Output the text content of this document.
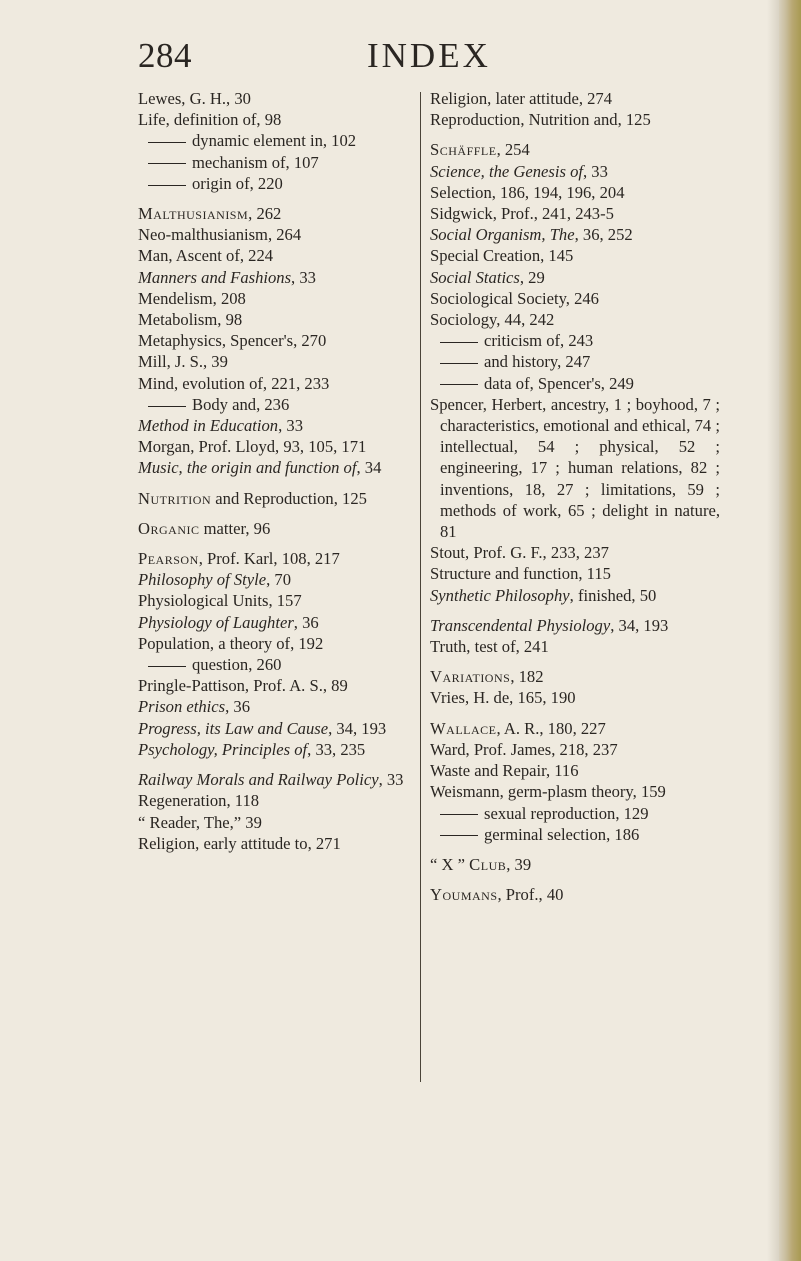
284	INDEX
Lewes, G. H., 30
Life, definition of, 98
dynamic element in, 102
mechanism of, 107
origin of, 220
Malthusianism, 262
Neo-malthusianism, 264
Man, Ascent of, 224
Manners and Fashions, 33
Mendelism, 208
Metabolism, 98
Metaphysics, Spencer's, 270
Mill, J. S., 39
Mind, evolution of, 221, 233
Body and, 236
Method in Education, 33
Morgan, Prof. Lloyd, 93, 105, 171
Music, the origin and function of, 34
Nutrition and Reproduction, 125
Organic matter, 96
Pearson, Prof. Karl, 108, 217
Philosophy of Style, 70
Physiological Units, 157
Physiology of Laughter, 36
Population, a theory of, 192
question, 260
Pringle-Pattison, Prof. A. S., 89
Prison ethics, 36
Progress, its Law and Cause, 34, 193
Psychology, Principles of, 33, 235
Railway Morals and Railway Policy, 33
Regeneration, 118
“ Reader, The,” 39
Religion, early attitude to, 271
Religion, later attitude, 274
Reproduction, Nutrition and, 125
Schäffle, 254
Science, the Genesis of, 33
Selection, 186, 194, 196, 204
Sidgwick, Prof., 241, 243-5
Social Organism, The, 36, 252
Special Creation, 145
Social Statics, 29
Sociological Society, 246
Sociology, 44, 242
criticism of, 243
and history, 247
data of, Spencer's, 249
Spencer, Herbert, ancestry, 1 ; boyhood, 7 ; characteristics, emotional and ethical, 74 ; intellectual, 54 ; physical, 52 ; engineering, 17 ; human relations, 82 ; inventions, 18, 27 ; limitations, 59 ; methods of work, 65 ; delight in nature, 81
Stout, Prof. G. F., 233, 237
Structure and function, 115
Synthetic Philosophy, finished, 50
Transcendental Physiology, 34, 193
Truth, test of, 241
Variations, 182
Vries, H. de, 165, 190
Wallace, A. R., 180, 227
Ward, Prof. James, 218, 237
Waste and Repair, 116
Weismann, germ-plasm theory, 159
sexual reproduction, 129
germinal selection, 186
“ X ” Club, 39
Youmans, Prof., 40
